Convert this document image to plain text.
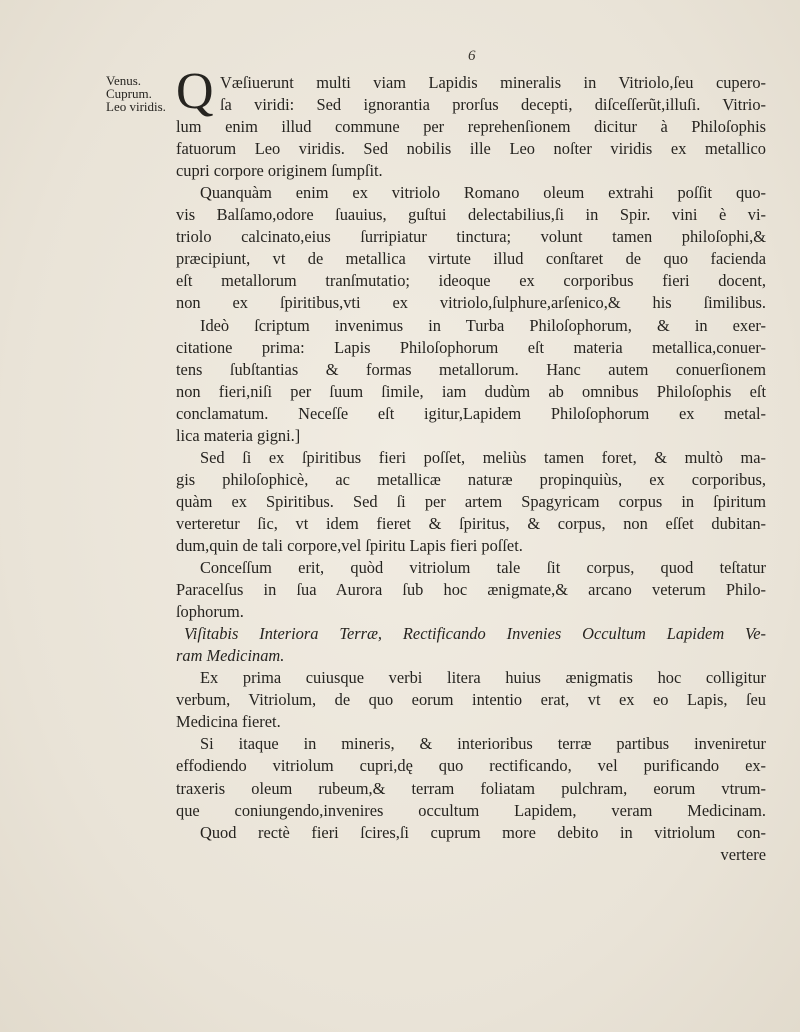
6
Venus.
Cuprum.
Leo viridis. Q Væſiuerunt multi viam Lapidis mineralis in Vitriolo,ſeu cupero-
ſa viridi: Sed ignorantia prorſus decepti, diſceſſerũt,illuſi. Vitrio-
lum enim illud commune per reprehenſionem dicitur à Philoſophis
fatuorum Leo viridis. Sed nobilis ille Leo noſter viridis ex metallico
cupri corpore originem ſumpſit.
Quanquàm enim ex vitriolo Romano oleum extrahi poſſit quo-
vis Balſamo,odore ſuauius, guſtui delectabilius,ſi in Spir. vini è vi-
triolo calcinato,eius ſurripiatur tinctura; volunt tamen philoſophi,&
præcipiunt, vt de metallica virtute illud conſtaret de quo facienda
eſt metallorum tranſmutatio; ideoque ex corporibus fieri docent,
non ex ſpiritibus,vti ex vitriolo,ſulphure,arſenico,& his ſimilibus.
Ideò ſcriptum invenimus in Turba Philoſophorum, & in exer-
citatione prima: Lapis Philoſophorum eſt materia metallica,conuer-
tens ſubſtantias & formas metallorum. Hanc autem conuerſionem
non fieri,niſi per ſuum ſimile, iam dudùm ab omnibus Philoſophis eſt
conclamatum. Neceſſe eſt igitur,Lapidem Philoſophorum ex metal-
lica materia gigni.]
Sed ſi ex ſpiritibus fieri poſſet, meliùs tamen foret, & multò ma-
gis philoſophicè, ac metallicæ naturæ propinquiùs, ex corporibus,
quàm ex Spiritibus. Sed ſi per artem Spagyricam corpus in ſpiritum
verteretur ſic, vt idem fieret & ſpiritus, & corpus, non eſſet dubitan-
dum,quin de tali corpore,vel ſpiritu Lapis fieri poſſet.
Conceſſum erit, quòd vitriolum tale ſit corpus, quod teſtatur
Paracelſus in ſua Aurora ſub hoc ænigmate,& arcano veterum Philo-
ſophorum.
Viſitabis Interiora Terræ, Rectificando Invenies Occultum Lapidem Ve-
ram Medicinam.
Ex prima cuiusque verbi litera huius ænigmatis hoc colligitur
verbum, Vitriolum, de quo eorum intentio erat, vt ex eo Lapis, ſeu
Medicina fieret.
Si itaque in mineris, & interioribus terræ partibus inveniretur
effodiendo vitriolum cupri,dę quo rectificando, vel purificando ex-
traxeris oleum rubeum,& terram foliatam pulchram, eorum vtrum-
que coniungendo,invenires occultum Lapidem, veram Medicinam.
Quod rectè fieri ſcires,ſi cuprum more debito in vitriolum con-
vertere
